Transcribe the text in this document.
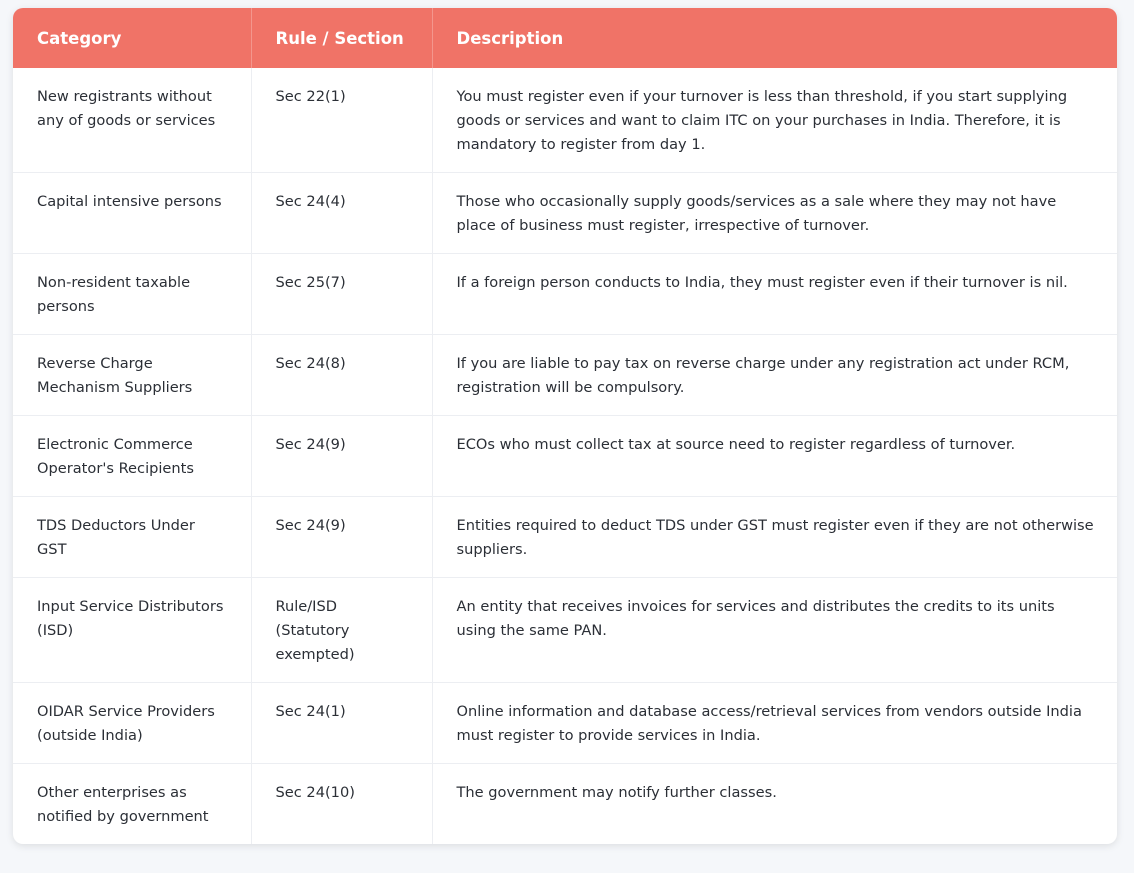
Category	Rule / Section	Description
New registrants without any of goods or services	Sec 22(1)	You must register even if your turnover is less than threshold, if you start supplying goods or services and want to claim ITC on your purchases in India. Therefore, it is mandatory to register from day 1.
Capital intensive persons	Sec 24(4)	Those who occasionally supply goods/services as a sale where they may not have place of business must register, irrespective of turnover.
Non-resident taxable persons	Sec 25(7)	If a foreign person conducts to India, they must register even if their turnover is nil.
Reverse Charge Mechanism Suppliers	Sec 24(8)	If you are liable to pay tax on reverse charge under any registration act under RCM, registration will be compulsory.
Electronic Commerce Operator's Recipients	Sec 24(9)	ECOs who must collect tax at source need to register regardless of turnover.
TDS Deductors Under GST	Sec 24(9)	Entities required to deduct TDS under GST must register even if they are not otherwise suppliers.
Input Service Distributors (ISD)	Rule/ISD (Statutory exempted)	An entity that receives invoices for services and distributes the credits to its units using the same PAN.
OIDAR Service Providers (outside India)	Sec 24(1)	Online information and database access/retrieval services from vendors outside India must register to provide services in India.
Other enterprises as notified by government	Sec 24(10)	The government may notify further classes.
